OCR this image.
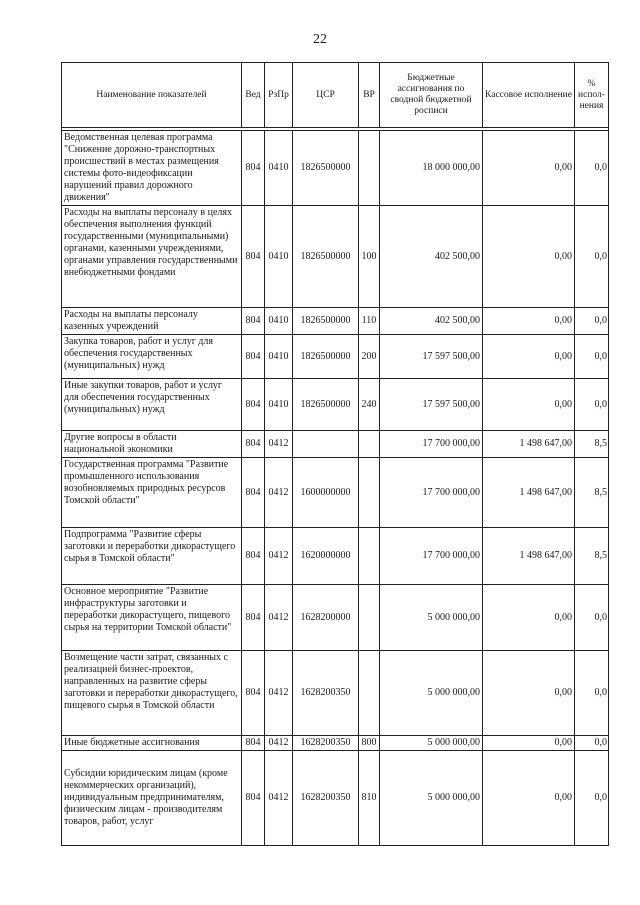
22
Наименование показателей	Вед	РзПр	ЦСР	ВР	Бюджетные ассигнования по сводной бюджетной росписи	Кассовое исполнение	% испол-нения

Ведомственная целевая программа "Снижение дорожно-транспортных происшествий в местах размещения системы фото-видеофиксации нарушений правил дорожного движения"	804	0410	1826500000		18 000 000,00	0,00	0,0
Расходы на выплаты персоналу в целях обеспечения выполнения функций государственными (муниципальными) органами, казенными учреждениями, органами управления государственными внебюджетными фондами	804	0410	1826500000	100	402 500,00	0,00	0,0
Расходы на выплаты персоналу казенных учреждений	804	0410	1826500000	110	402 500,00	0,00	0,0
Закупка товаров, работ и услуг для обеспечения государственных (муниципальных) нужд	804	0410	1826500000	200	17 597 500,00	0,00	0,0
Иные закупки товаров, работ и услуг для обеспечения государственных (муниципальных) нужд	804	0410	1826500000	240	17 597 500,00	0,00	0,0
Другие вопросы в области национальной экономики	804	0412			17 700 000,00	1 498 647,00	8,5
Государственная программа "Развитие промышленного использования возобновляемых природных ресурсов Томской области"	804	0412	1600000000		17 700 000,00	1 498 647,00	8,5
Подпрограмма "Развитие сферы заготовки и переработки дикорастущего сырья в Томской области"	804	0412	1620000000		17 700 000,00	1 498 647,00	8,5
Основное мероприятие "Развитие инфраструктуры заготовки и переработки дикорастущего, пищевого сырья на территории Томской области"	804	0412	1628200000		5 000 000,00	0,00	0,0
Возмещение части затрат, связанных с реализацией бизнес-проектов, направленных на развитие сферы заготовки и переработки дикорастущего, пищевого сырья в Томской области	804	0412	1628200350		5 000 000,00	0,00	0,0
Иные бюджетные ассигнования	804	0412	1628200350	800	5 000 000,00	0,00	0,0
Субсидии юридическим лицам (кроме некоммерческих организаций), индивидуальным предпринимателям, физическим лицам - производителям товаров, работ, услуг	804	0412	1628200350	810	5 000 000,00	0,00	0,0
